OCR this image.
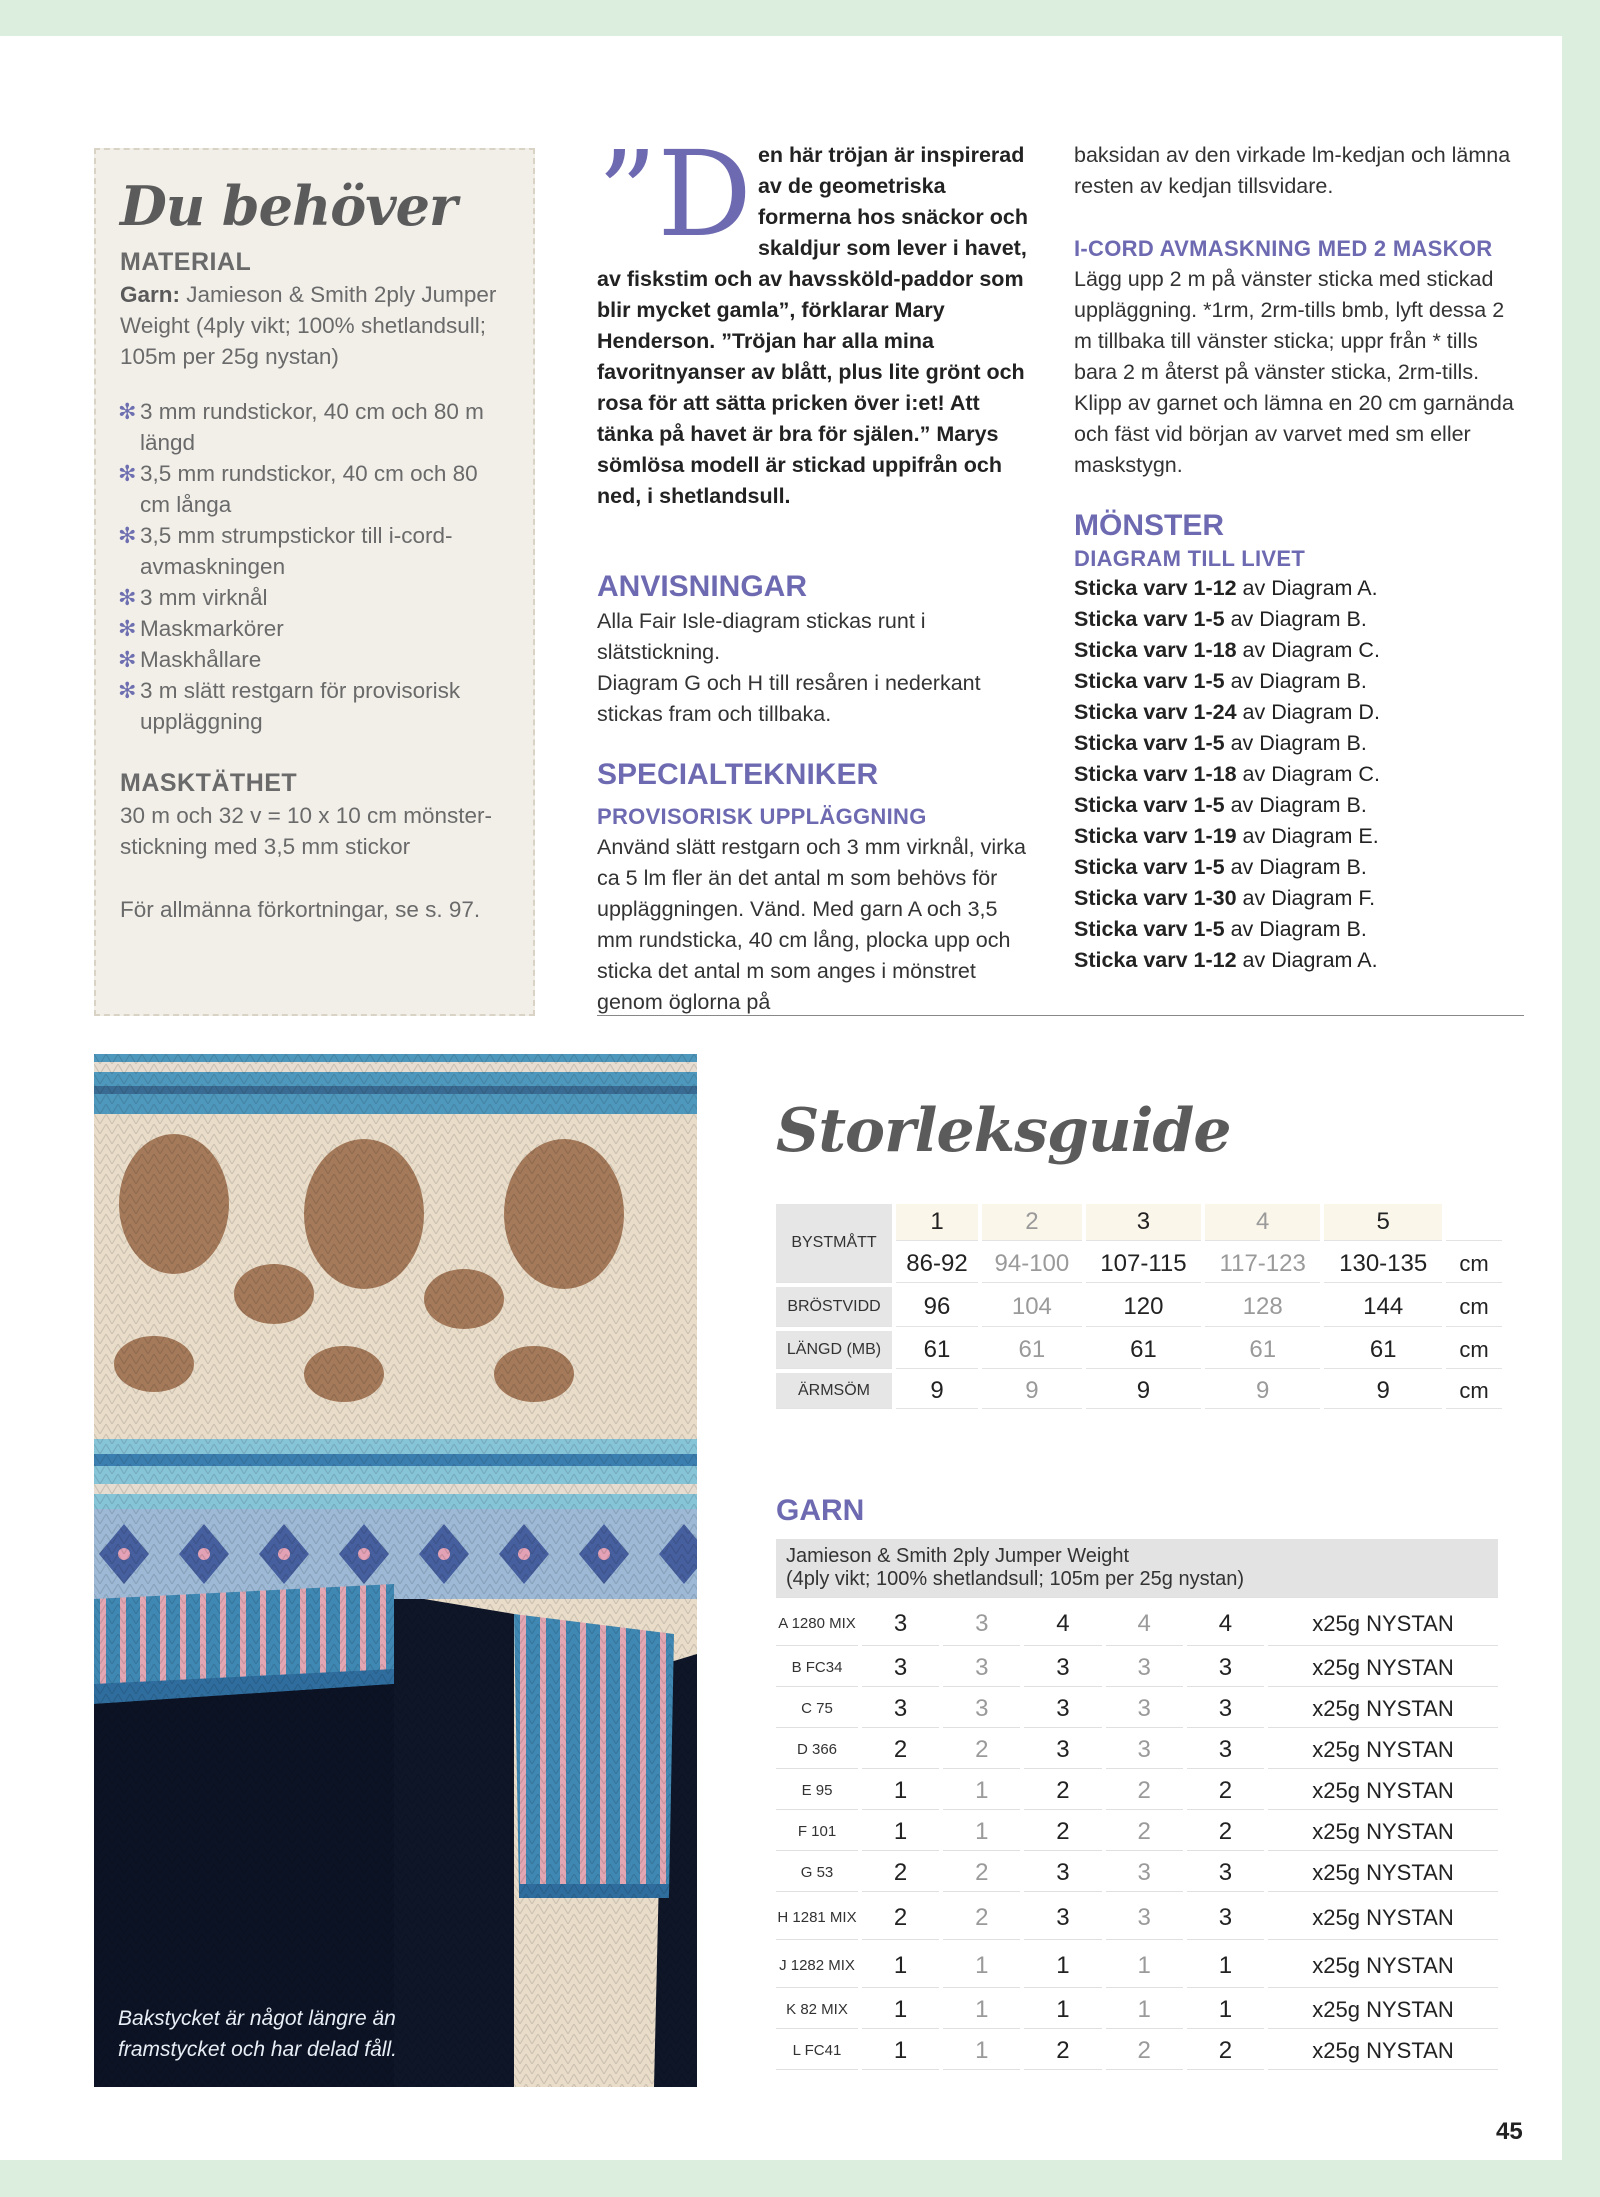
Du behöver

MATERIAL

Garn: Jamieson & Smith 2ply Jumper Weight (4ply vikt; 100% shetlandsull; 105m per 25g nystan)

✻ 3 mm rundstickor, 40 cm och 80 m längd
✻ 3,5 mm rundstickor, 40 cm och 80 cm långa
✻ 3,5 mm strumpstickor till i-cord-avmaskningen
✻ 3 mm virknål
✻ Maskmarkörer
✻ Maskhållare
✻ 3 m slätt restgarn för provisorisk uppläggning

MASKTÄTHET

30 m och 32 v = 10 x 10 cm mönster-stickning med 3,5 mm stickor

För allmänna förkortningar, se s. 97.

”D en här tröjan är inspirerad av de geometriska formerna hos snäckor och skaldjur som lever i havet, av fiskstim och av havssköld-paddor som blir mycket gamla”, förklarar Mary Henderson. ”Tröjan har alla mina favoritnyanser av blått, plus lite grönt och rosa för att sätta pricken över i:et! Att tänka på havet är bra för själen.” Marys sömlösa modell är stickad uppifrån och ned, i shetlandsull.

ANVISNINGAR

Alla Fair Isle-diagram stickas runt i slätstickning.

Diagram G och H till resåren i nederkant stickas fram och tillbaka.

SPECIALTEKNIKER

PROVISORISK UPPLÄGGNING

Använd slätt restgarn och 3 mm virknål, virka ca 5 lm fler än det antal m som behövs för uppläggningen. Vänd. Med garn A och 3,5 mm rundsticka, 40 cm lång, plocka upp och sticka det antal m som anges i mönstret genom öglorna på

baksidan av den virkade lm-kedjan och lämna resten av kedjan tillsvidare.

I-CORD AVMASKNING MED 2 MASKOR

Lägg upp 2 m på vänster sticka med stickad uppläggning. *1rm, 2rm-tills bmb, lyft dessa 2 m tillbaka till vänster sticka; uppr från * tills bara 2 m återst på vänster sticka, 2rm-tills. Klipp av garnet och lämna en 20 cm garnända och fäst vid början av varvet med sm eller maskstygn.

MÖNSTER

DIAGRAM TILL LIVET

Sticka varv 1-12 av Diagram A.
Sticka varv 1-5 av Diagram B.
Sticka varv 1-18 av Diagram C.
Sticka varv 1-5 av Diagram B.
Sticka varv 1-24 av Diagram D.
Sticka varv 1-5 av Diagram B.
Sticka varv 1-18 av Diagram C.
Sticka varv 1-5 av Diagram B.
Sticka varv 1-19 av Diagram E.
Sticka varv 1-5 av Diagram B.
Sticka varv 1-30 av Diagram F.
Sticka varv 1-5 av Diagram B.
Sticka varv 1-12 av Diagram A.
Bakstycket är något längre än
framstycket och har delad fåll.

Storleksguide

BYSTMÅTT	1	2	3	4	5	
	86-92	94-100	107-115	117-123	130-135	cm
BRÖSTVIDD	96	104	120	128	144	cm
LÄNGD (MB)	61	61	61	61	61	cm
ÄRMSÖM	9	9	9	9	9	cm

GARN

Jamieson & Smith 2ply Jumper Weight
(4ply vikt; 100% shetlandsull; 105m per 25g nystan)						

A 1280 MIX	3	3	4	4	4	x25g NYSTAN
B FC34	3	3	3	3	3	x25g NYSTAN
C 75	3	3	3	3	3	x25g NYSTAN
D 366	2	2	3	3	3	x25g NYSTAN
E 95	1	1	2	2	2	x25g NYSTAN
F 101	1	1	2	2	2	x25g NYSTAN
G 53	2	2	3	3	3	x25g NYSTAN
H 1281 MIX	2	2	3	3	3	x25g NYSTAN
J 1282 MIX	1	1	1	1	1	x25g NYSTAN
K 82 MIX	1	1	1	1	1	x25g NYSTAN
L FC41	1	1	2	2	2	x25g NYSTAN
45
